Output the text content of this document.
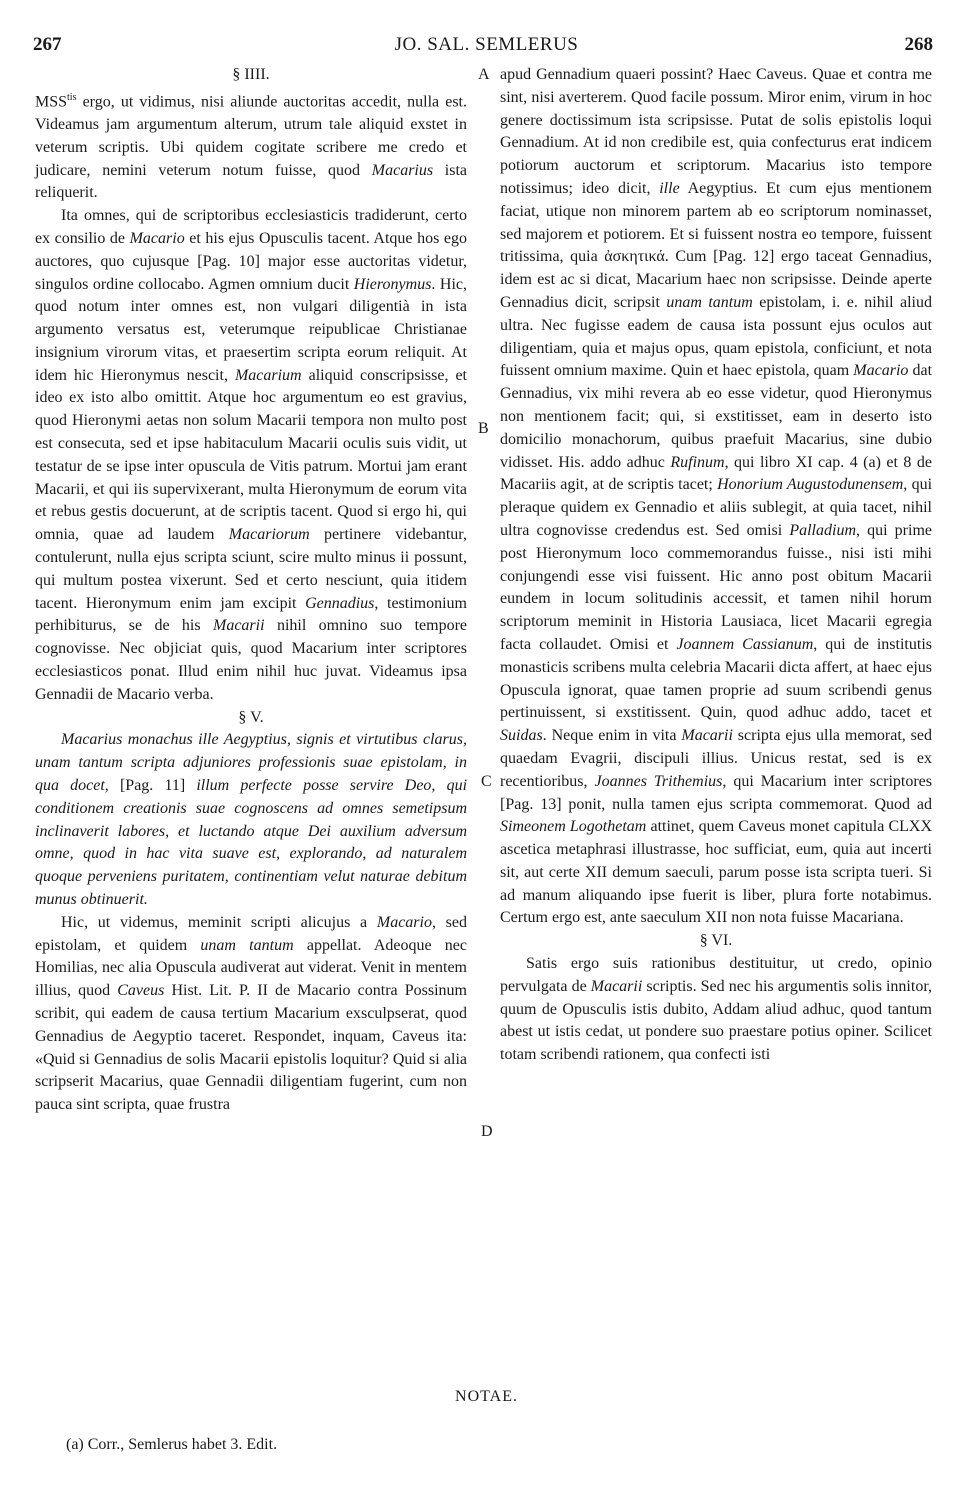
267	JO. SAL. SEMLERUS	268
§ IIII.

$MSS^{tis}$ ergo, ut vidimus, nisi aliunde auctoritas accedit, nulla est. Videamus jam argumentum alterum, utrum tale aliquid exstet in veterum scriptis. Ubi quidem cogitate scribere me credo et judicare, nemini veterum notum fuisse, quod Macarius ista reliquerit.

Ita omnes, qui de scriptoribus ecclesiasticis tradiderunt, certo ex consilio de Macario et his ejus Opusculis tacent. Atque hos ego auctores, quo cujusque [Pag. 10] major esse auctoritas videtur, singulos ordine collocabo. Agmen omnium ducit Hieronymus. Hic, quod notum inter omnes est, non vulgari diligentià in ista argumento versatus est, veterumque reipublicae Christianae insignium virorum vitas, et praesertim scripta eorum reliquit. At idem hic Hieronymus nescit, Macarium aliquid conscripsisse, et ideo ex isto albo omittit. Atque hoc argumentum eo est gravius, quod Hieronymi aetas non solum Macarii tempora non multo post est consecuta, sed et ipse habitaculum Macarii oculis suis vidit, ut testatur de se ipse inter opuscula de Vitis patrum. Mortui jam erant Macarii, et qui iis supervixerant, multa Hieronymum de eorum vita et rebus gestis docuerunt, at de scriptis tacent. Quod si ergo hi, qui omnia, quae ad laudem Macariorum pertinere videbantur, contulerunt, nulla ejus scripta sciunt, scire multo minus ii possunt, qui multum postea vixerunt. Sed et certo nesciunt, quia itidem tacent. Hieronymum enim jam excipit Gennadius, testimonium perhibiturus, se de his Macarii nihil omnino suo tempore cognovisse. Nec objiciat quis, quod Macarium inter scriptores ecclesiasticos ponat. Illud enim nihil huc juvat. Videamus ipsa Gennadii de Macario verba.

§ V.

Macarius monachus ille Aegyptius, signis et virtutibus clarus, unam tantum scripta adjuniores professionis suae epistolam, in qua docet, [Pag. 11] illum perfecte posse servire Deo, qui conditionem creationis suae cognoscens ad omnes semetipsum inclinaverit labores, et luctando atque Dei auxilium adversum omne, quod in hac vita suave est, explorando, ad naturalem quoque perveniens puritatem, continentiam velut naturae debitum munus obtinuerit.

Hic, ut videmus, meminit scripti alicujus a Macario, sed epistolam, et quidem unam tantum appellat. Adeoque nec Homilias, nec alia Opuscula audiverat aut viderat. Venit in mentem illius, quod Caveus Hist. Lit. P. II de Macario contra Possinum scribit, qui eadem de causa tertium Macarium exsculpserat, quod Gennadius de Aegyptio taceret. Respondet, inquam, Caveus ita: «Quid si Gennadius de solis Macarii epistolis loquitur? Quid si alia scripserit Macarius, quae Gennadii diligentiam fugerint, cum non pauca sint scripta, quae frustra

apud Gennadium quaeri possint? Haec Caveus. Quae et contra me sint, nisi averterem. Quod facile possum. Miror enim, virum in hoc genere doctissimum ista scripsisse. Putat de solis epistolis loqui Gennadium. At id non credibile est, quia confecturus erat indicem potiorum auctorum et scriptorum. Macarius isto tempore notissimus; ideo dicit, ille Aegyptius. Et cum ejus mentionem faciat, utique non minorem partem ab eo scriptorum nominasset, sed majorem et potiorem. Et si fuissent nostra eo tempore, fuissent tritissima, quia ἀσκητικά. Cum [Pag. 12] ergo taceat Gennadius, idem est ac si dicat, Macarium haec non scripsisse. Deinde aperte Gennadius dicit, scripsit unam tantum epistolam, i. e. nihil aliud ultra. Nec fugisse eadem de causa ista possunt ejus oculos aut diligentiam, quia et majus opus, quam epistola, conficiunt, et nota fuissent omnium maxime. Quin et haec epistola, quam Macario dat Gennadius, vix mihi revera ab eo esse videtur, quod Hieronymus non mentionem facit; qui, si exstitisset, eam in deserto isto domicilio monachorum, quibus praefuit Macarius, sine dubio vidisset. His. addo adhuc Rufinum, qui libro XI cap. 4 (a) et 8 de Macariis agit, at de scriptis tacet; Honorium Augustodunensem, qui pleraque quidem ex Gennadio et aliis sublegit, at quia tacet, nihil ultra cognovisse credendus est. Sed omisi Palladium, qui prime post Hieronymum loco commemorandus fuisse., nisi isti mihi conjungendi esse visi fuissent. Hic anno post obitum Macarii eundem in locum solitudinis accessit, et tamen nihil horum scriptorum meminit in Historia Lausiaca, licet Macarii egregia facta collaudet. Omisi et Joannem Cassianum, qui de institutis monasticis scribens multa celebria Macarii dicta affert, at haec ejus Opuscula ignorat, quae tamen proprie ad suum scribendi genus pertinuissent, si exstitissent. Quin, quod adhuc addo, tacet et Suidas. Neque enim in vita Macarii scripta ejus ulla memorat, sed quaedam Evagrii, discipuli illius. Unicus restat, sed is ex recentioribus, Joannes Trithemius, qui Macarium inter scriptores [Pag. 13] ponit, nulla tamen ejus scripta commemorat. Quod ad Simeonem Logothetam attinet, quem Caveus monet capitula CLXX ascetica metaphrasi illustrasse, hoc sufficiat, eum, quia aut incerti sit, aut certe XII demum saeculi, parum posse ista scripta tueri. Si ad manum aliquando ipse fuerit is liber, plura forte notabimus. Certum ergo est, ante saeculum XII non nota fuisse Macariana.

§ VI.

Satis ergo suis rationibus destituitur, ut credo, opinio pervulgata de Macarii scriptis. Sed nec his argumentis solis innitor, quum de Opusculis istis dubito, Addam aliud adhuc, quod tantum abest ut istis cedat, ut pondere suo praestare potius opiner. Scilicet totam scribendi rationem, qua confecti isti

A
B
C
D
NOTAE.
(a) Corr., Semlerus habet 3. Edit.
